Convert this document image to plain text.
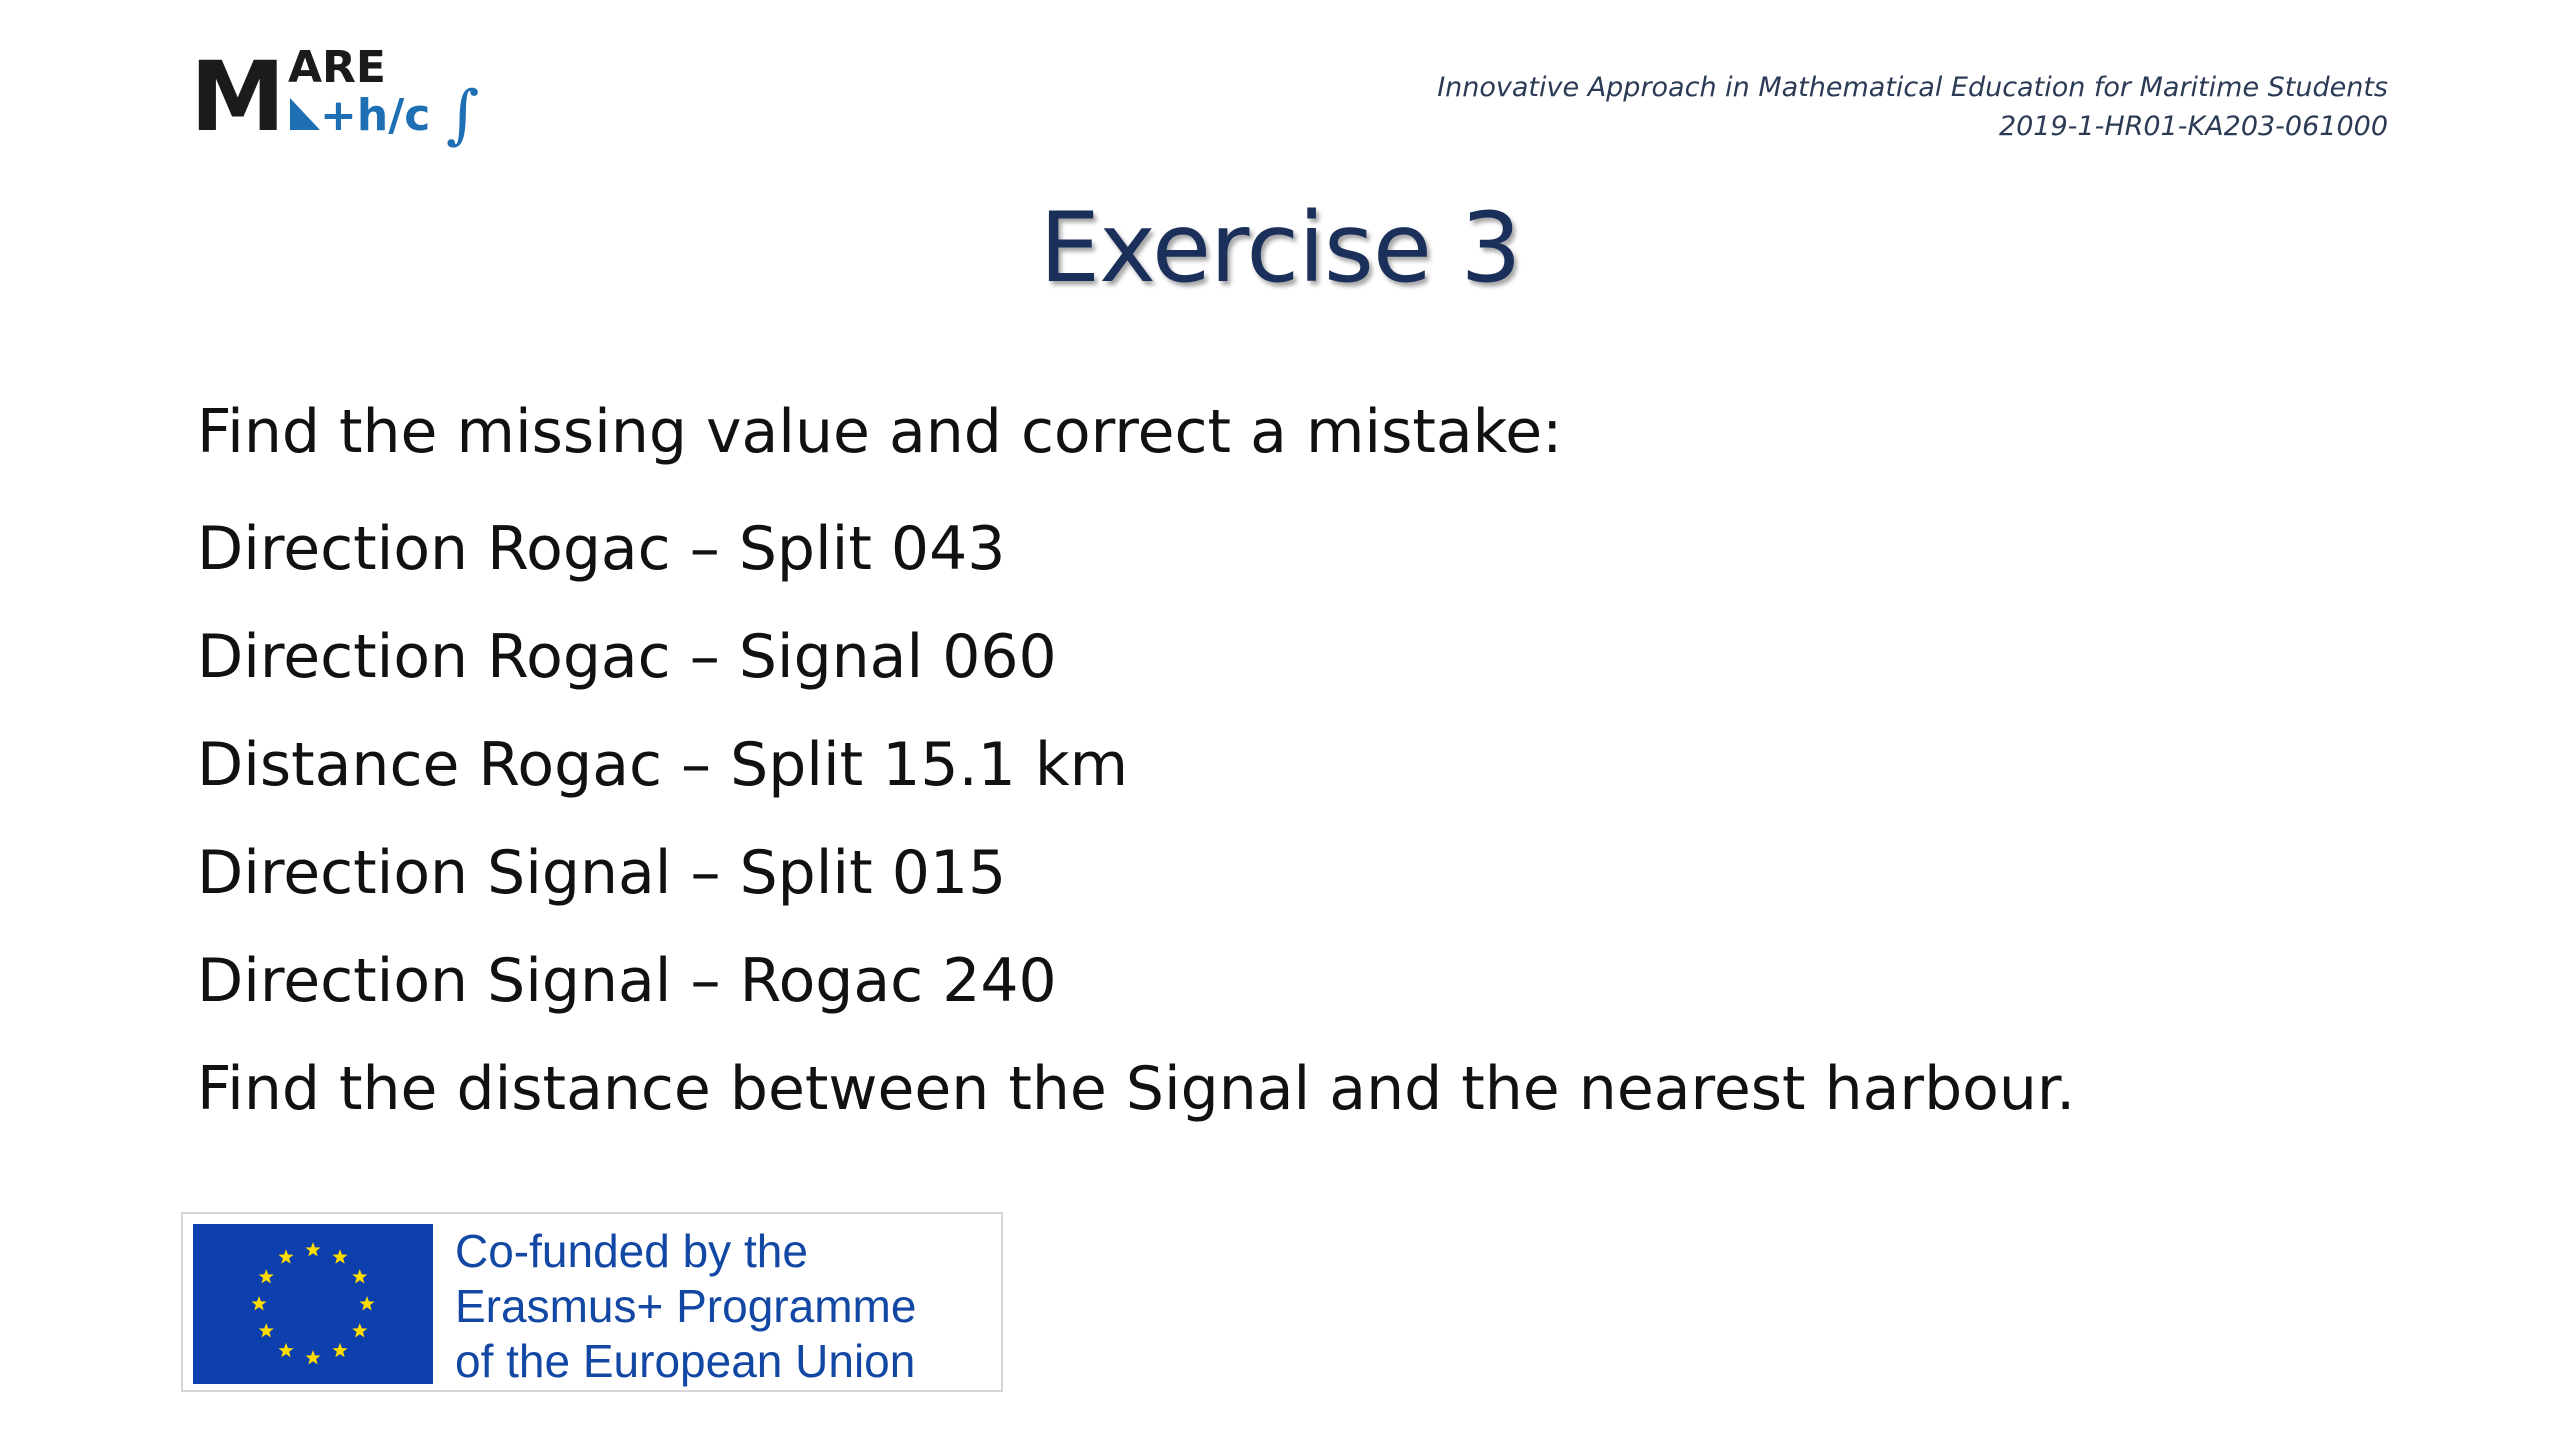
M ARE
+h/c ∫	Innovative Approach in Mathematical Education for Maritime Students
2019-1-HR01-KA203-061000
Exercise 3
Find the missing value and correct a mistake:
Direction Rogac – Split 043
Direction Rogac – Signal 060
Distance Rogac – Split 15.1 km
Direction Signal – Split 015
Direction Signal – Rogac 240
Find the distance between the Signal and the nearest harbour.
Co-funded by the
Erasmus+ Programme
of the European Union
